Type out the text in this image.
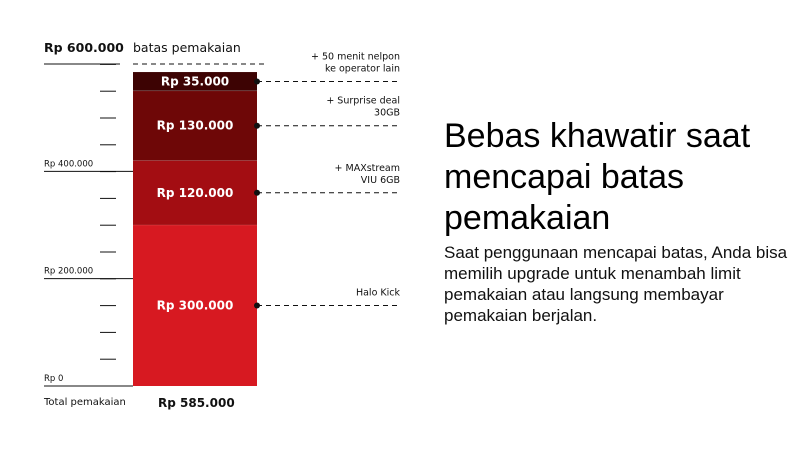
Rp 0
Rp 200.000
Rp 400.000
Rp 300.000
Halo Kick
Rp 120.000
+ MAXstream VIU 6GB
Rp 130.000
+ Surprise deal 30GB
Rp 35.000
+ 50 menit nelpon ke operator lain
Rp 600.000 batas pemakaian
Total pemakaian	Rp 585.000
Bebas khawatir saat mencapai batas pemakaian

Saat penggunaan mencapai batas, Anda bisa memilih upgrade untuk menambah limit pemakaian atau langsung membayar pemakaian berjalan.
